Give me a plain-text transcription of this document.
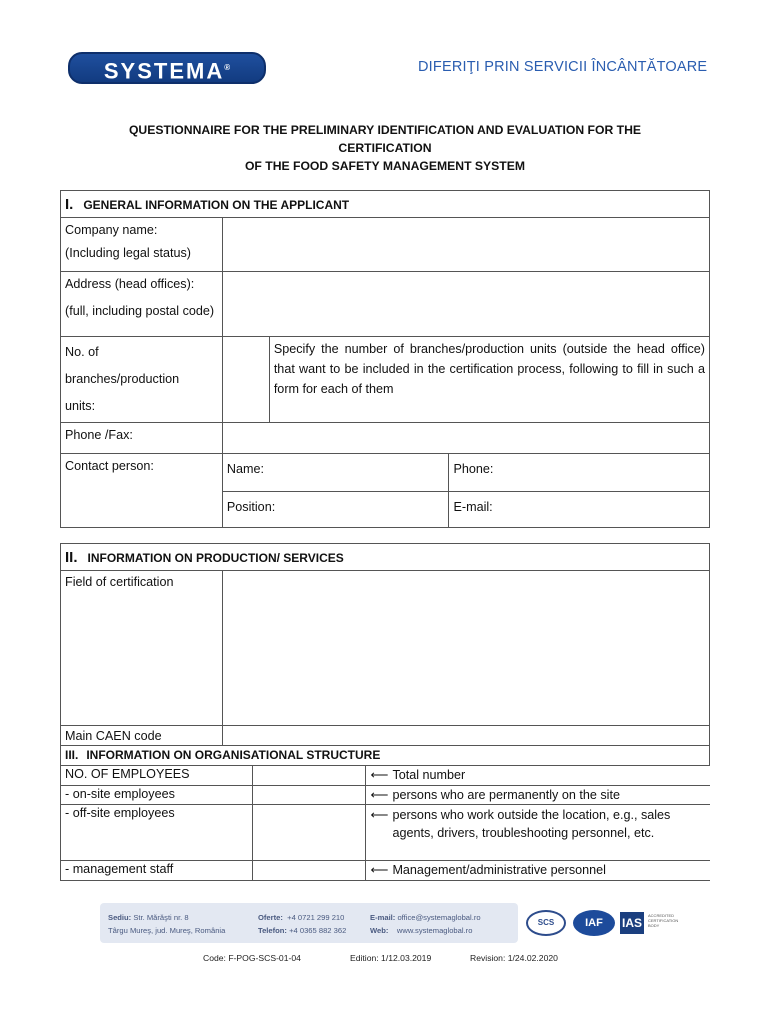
SYSTEMA®	DIFERIŢI PRIN SERVICII ÎNCÂNTĂTOARE
QUESTIONNAIRE FOR THE PRELIMINARY IDENTIFICATION AND EVALUATION FOR THE
CERTIFICATION
OF THE FOOD SAFETY MANAGEMENT SYSTEM
I. GENERAL INFORMATION ON THE APPLICANT			

Company name:
(Including legal status)			

Address (head offices):
(full, including postal code)			

No. of
branches/production
units:		Specify the number of branches/production units (outside the head office) that want to be included in the certification process, following to fill in such a form for each of them	
Phone /Fax:			
Contact person:	Name:		Phone:
	Position:		E-mail:
II. INFORMATION ON PRODUCTION/ SERVICES	
Field of certification	
Main CAEN code	
III. INFORMATION ON ORGANISATIONAL STRUCTURE		
NO. OF EMPLOYEES		⟵ Total number
- on-site employees		⟵ persons who are permanently on the site
- off-site employees		⟵ persons who work outside the location, e.g., sales agents, drivers, troubleshooting personnel, etc.

- management staff		⟵ Management/administrative personnel
Sediu: Str. Mărăşti nr. 8
Târgu Mureş, jud. Mureş, România
Oferte: +4 0721 299 210
Telefon: +4 0365 882 362
E-mail: office@systemaglobal.ro
Web: www.systemaglobal.ro
SCS	IAF	IAS
ACCREDITED CERTIFICATION BODY
Code: F-POG-SCS-01-04	Edition: 1/12.03.2019	Revision: 1/24.02.2020
